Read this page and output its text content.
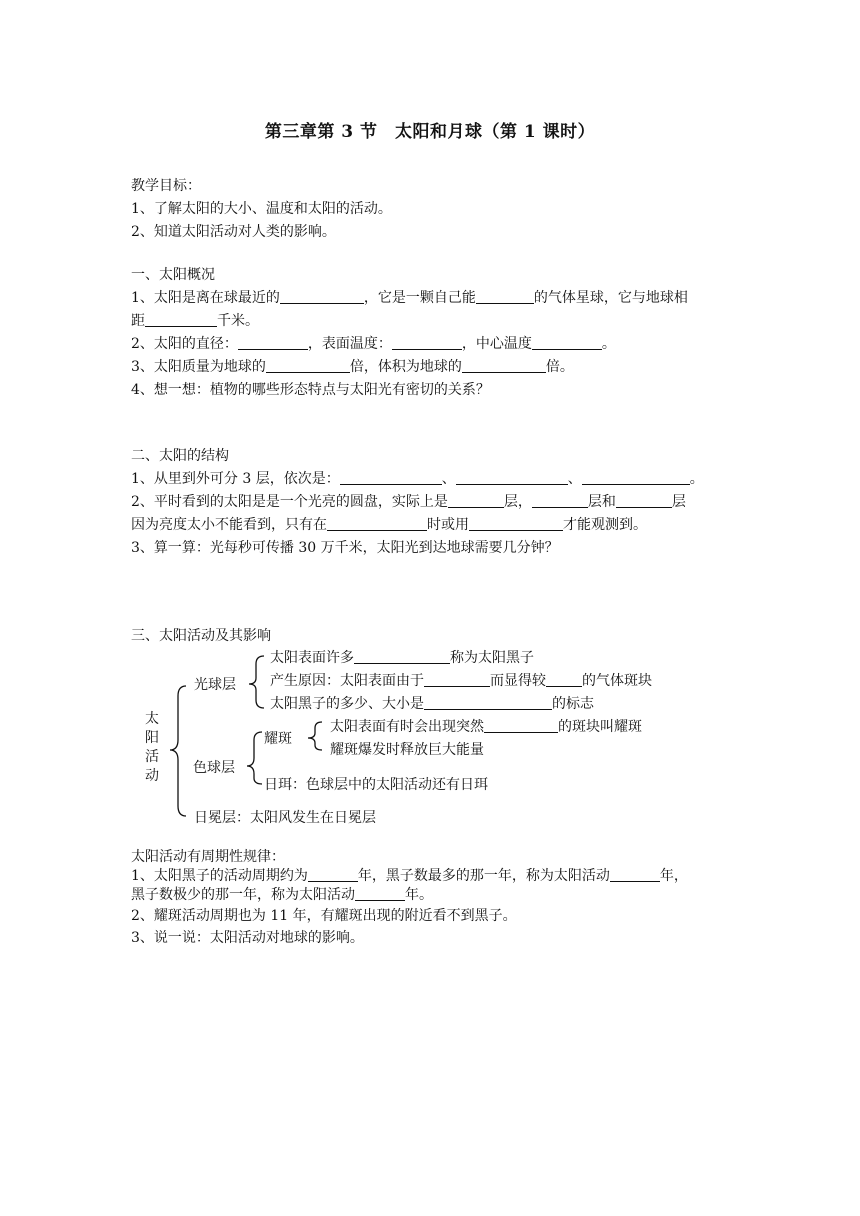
第三章第 3 节　太阳和月球（第 1 课时）
教学目标：
1、了解太阳的大小、温度和太阳的活动。
2、知道太阳活动对人类的影响。
一、太阳概况
1、太阳是离在球最近的	，它是一颗自己能	的气体星球，它与地球相
距	千米。
2、太阳的直径：	，表面温度：	，中心温度	。
3、太阳质量为地球的	倍，体积为地球的	倍。
4、想一想：植物的哪些形态特点与太阳光有密切的关系？
二、太阳的结构
1、从里到外可分 3 层，依次是：	、	、	。
2、平时看到的太阳是是一个光亮的圆盘，实际上是	层，	层和	层
因为亮度太小不能看到，只有在	时或用	才能观测到。
3、算一算：光每秒可传播 30 万千米，太阳光到达地球需要几分钟？
三、太阳活动及其影响
太
阳
活
动
光球层
太阳表面许多	称为太阳黑子
产生原因：太阳表面由于	而显得较	的气体斑块
太阳黑子的多少、大小是	的标志
耀斑
太阳表面有时会出现突然	的斑块叫耀斑
耀斑爆发时释放巨大能量
色球层
日珥：色球层中的太阳活动还有日珥
日冕层：太阳风发生在日冕层
太阳活动有周期性规律：
1、太阳黑子的活动周期约为	年，黑子数最多的那一年，称为太阳活动	年，
黑子数极少的那一年，称为太阳活动	年。
2、耀斑活动周期也为 11 年，有耀斑出现的附近看不到黑子。
3、说一说：太阳活动对地球的影响。
